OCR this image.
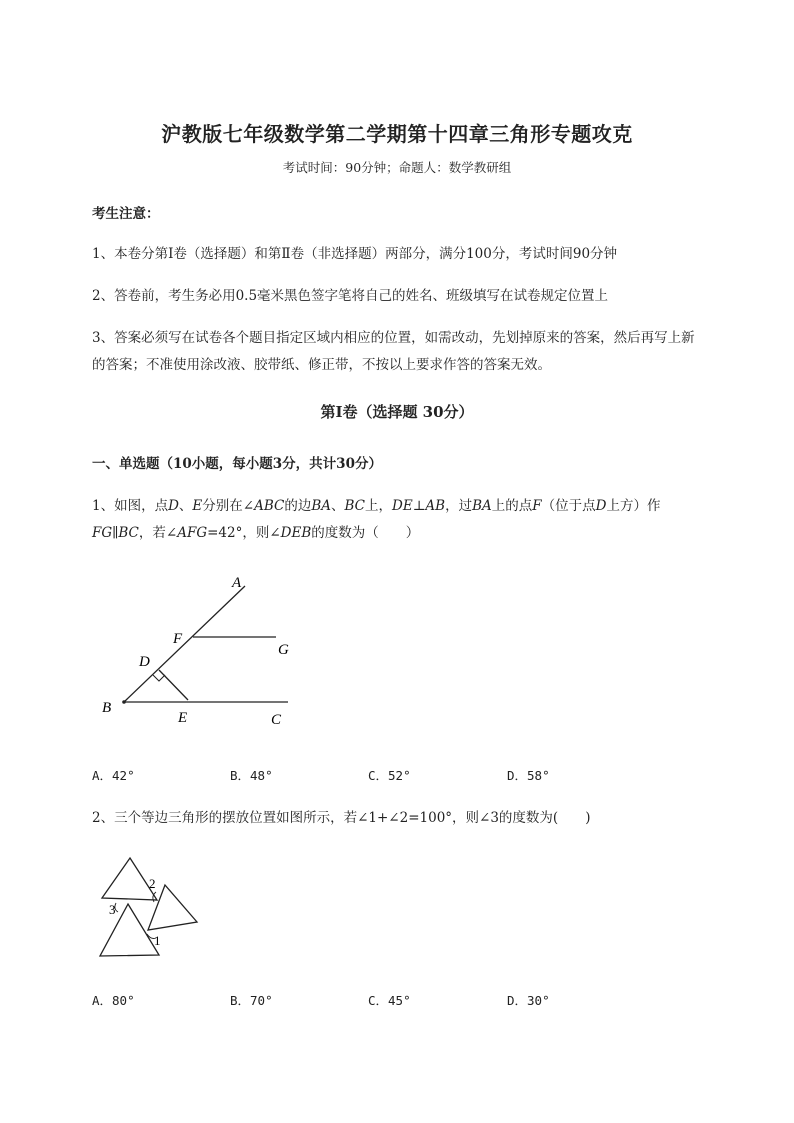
沪教版七年级数学第二学期第十四章三角形专题攻克
考试时间：90分钟；命题人：数学教研组
考生注意：
1、本卷分第I卷（选择题）和第Ⅱ卷（非选择题）两部分，满分100分，考试时间90分钟
2、答卷前，考生务必用0.5毫米黑色签字笔将自己的姓名、班级填写在试卷规定位置上
3、答案必须写在试卷各个题目指定区域内相应的位置，如需改动，先划掉原来的答案，然后再写上新
的答案；不准使用涂改液、胶带纸、修正带，不按以上要求作答的答案无效。
第I卷（选择题 30分）
一、单选题（10小题，每小题3分，共计30分）
1、如图，点D、E分别在∠ABC的边BA、BC上，DE⊥AB，过BA上的点F（位于点D上方）作
FG∥BC，若∠AFG=42°，则∠DEB的度数为（　　）
A
B
C
D
E
F
G
A．42°	B．48°	C．52°	D．58°
2、三个等边三角形的摆放位置如图所示，若∠1+∠2=100°，则∠3的度数为(　　)
3
2
1
A．80°	B．70°	C．45°	D．30°
